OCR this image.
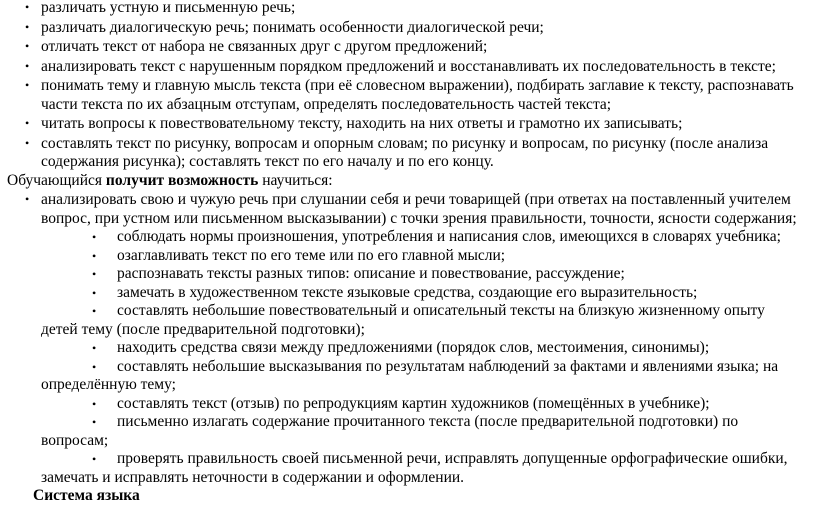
• различать устную и письменную речь;
• различать диалогическую речь; понимать особенности диалогической речи;
• отличать текст от набора не связанных друг с другом предложений;
• анализировать текст с нарушенным порядком предложений и восстанавливать их последовательность в тексте;
• понимать тему и главную мысль текста (при её словесном выражении), подбирать заглавие к тексту, распознавать части текста по их абзацным отступам, определять последовательность частей текста;
• читать вопросы к повествовательному тексту, находить на них ответы и грамотно их записывать;
• составлять текст по рисунку, вопросам и опорным словам; по рисунку и вопросам, по рисунку (после анализа содержания рисунка); составлять текст по его началу и по его концу.
Обучающийся получит возможность научиться:
• анализировать свою и чужую речь при слушании себя и речи товарищей (при ответах на поставленный учителем вопрос, при устном или письменном высказывании) с точки зрения правильности, точности, ясности содержания;
•	соблюдать нормы произношения, употребления и написания слов, имеющихся в словарях учебника;
•	озаглавливать текст по его теме или по его главной мысли;
•	распознавать тексты разных типов: описание и повествование, рассуждение;
•	замечать в художественном тексте языковые средства, создающие его выразительность;
•	составлять небольшие повествовательный и описательный тексты на близкую жизненному опыту
детей тему (после предварительной подготовки);
•	находить средства связи между предложениями (порядок слов, местоимения, синонимы);
•	составлять небольшие высказывания по результатам наблюдений за фактами и явлениями языка; на
определённую тему;
•	составлять текст (отзыв) по репродукциям картин художников (помещённых в учебнике);
•	письменно излагать содержание прочитанного текста (после предварительной подготовки) по
вопросам;
•	проверять правильность своей письменной речи, исправлять допущенные орфографические ошибки,
замечать и исправлять неточности в содержании и оформлении.
Система языка
